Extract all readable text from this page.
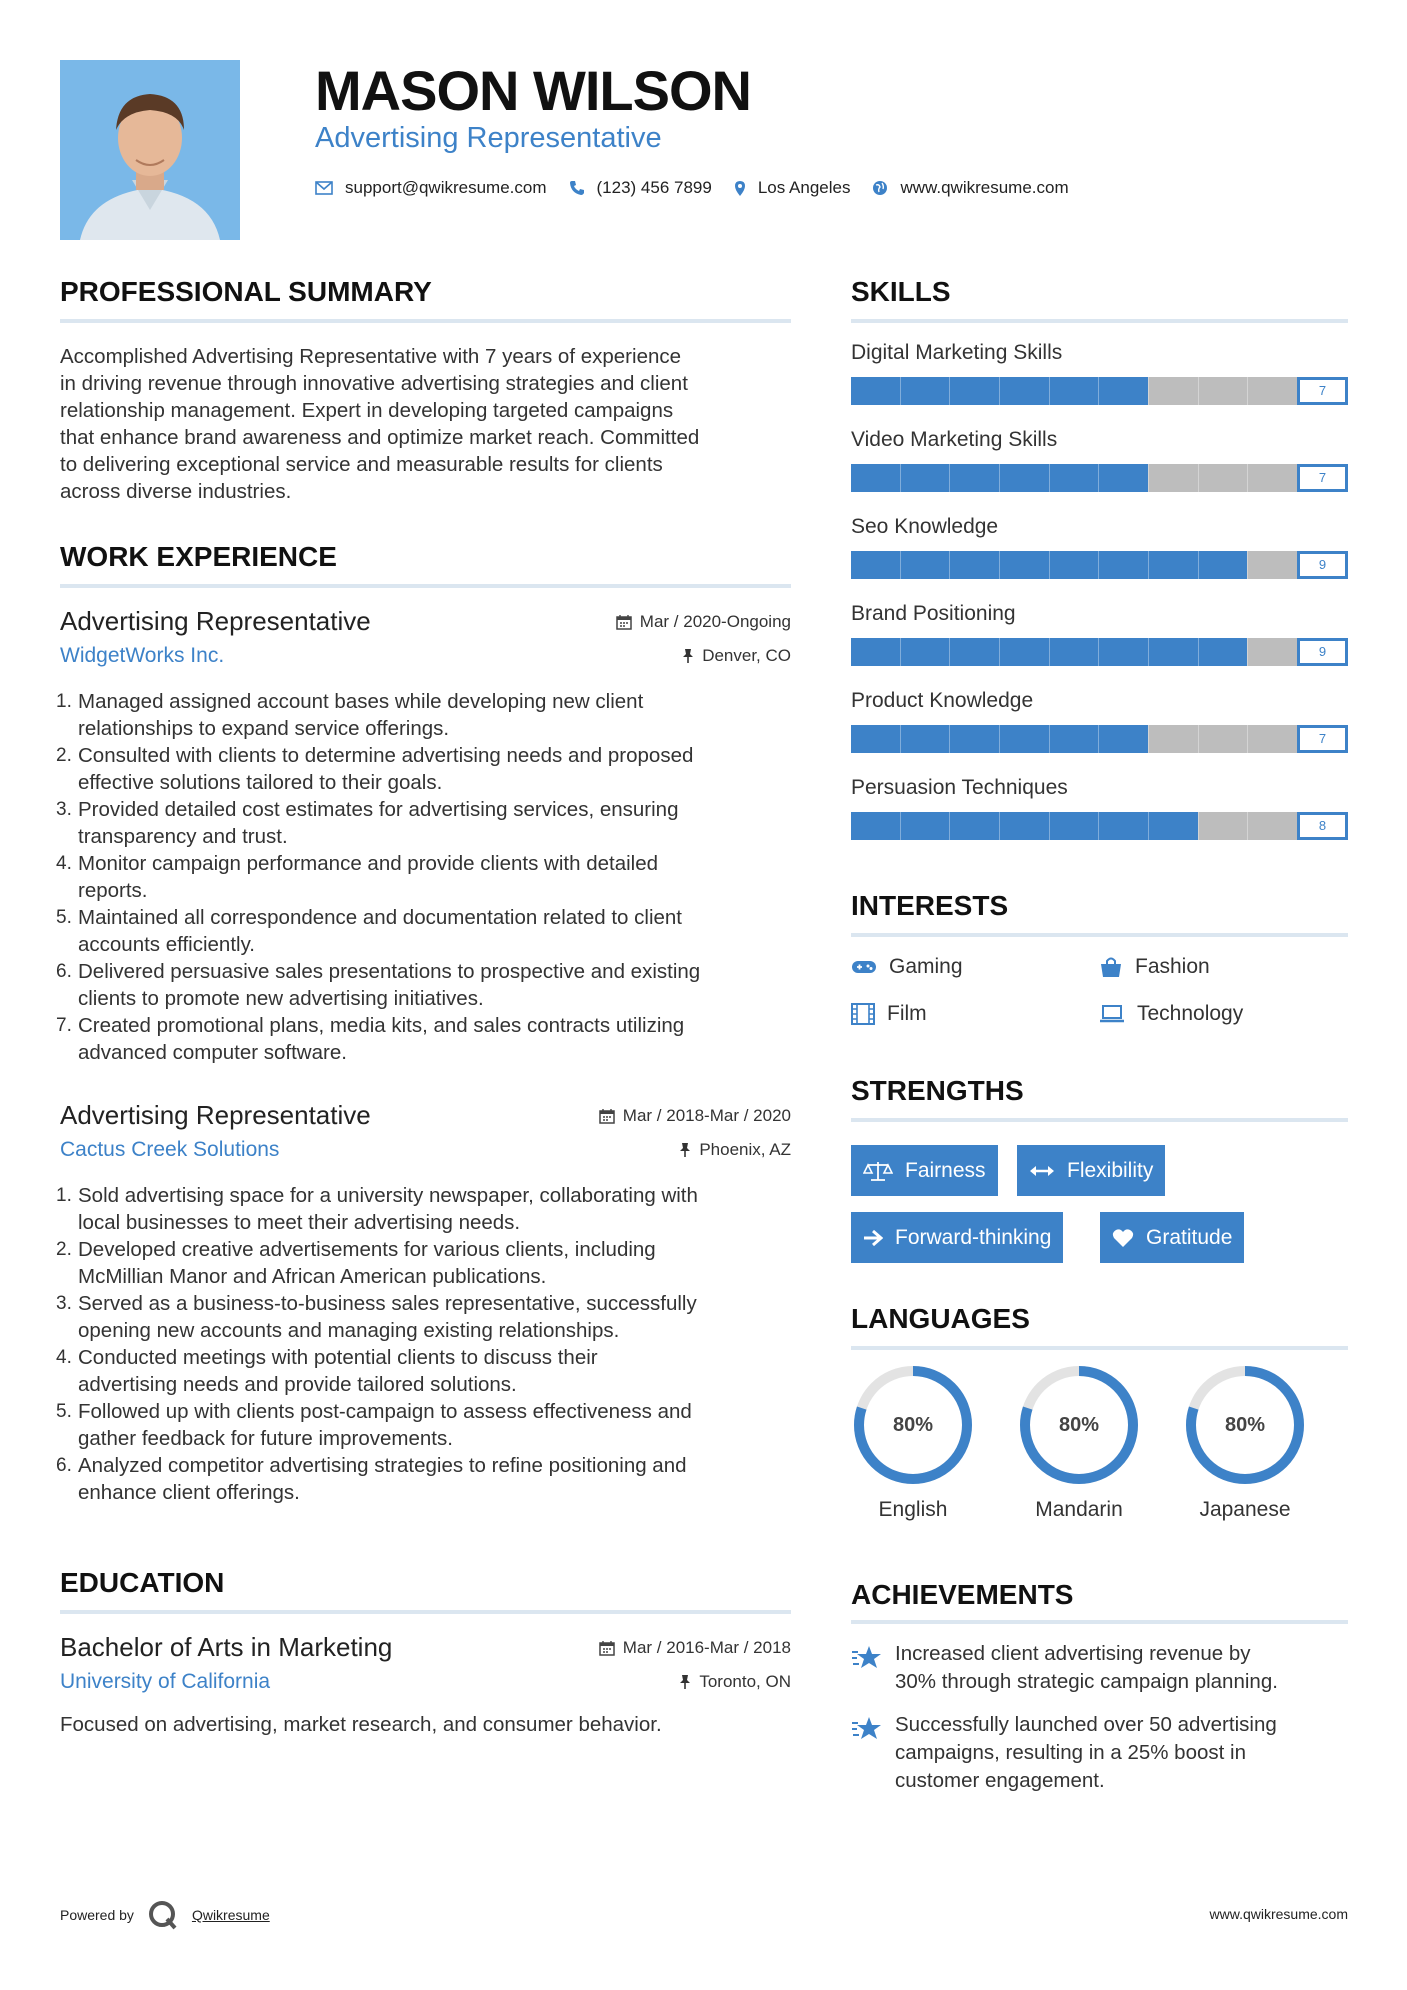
MASON WILSON
Advertising Representative
support@qwikresume.com	(123) 456 7899	Los Angeles	www.qwikresume.com
PROFESSIONAL SUMMARY
Accomplished Advertising Representative with 7 years of experience
in driving revenue through innovative advertising strategies and client
relationship management. Expert in developing targeted campaigns
that enhance brand awareness and optimize market reach. Committed
to delivering exceptional service and measurable results for clients
across diverse industries.
WORK EXPERIENCE
Advertising Representative
WidgetWorks Inc.
Mar / 2020-Ongoing
Denver, CO
1. Managed assigned account bases while developing new client
relationships to expand service offerings.
2. Consulted with clients to determine advertising needs and proposed
effective solutions tailored to their goals.
3. Provided detailed cost estimates for advertising services, ensuring
transparency and trust.
4. Monitor campaign performance and provide clients with detailed
reports.
5. Maintained all correspondence and documentation related to client
accounts efficiently.
6. Delivered persuasive sales presentations to prospective and existing
clients to promote new advertising initiatives.
7. Created promotional plans, media kits, and sales contracts utilizing
advanced computer software.
Advertising Representative
Cactus Creek Solutions
Mar / 2018-Mar / 2020
Phoenix, AZ
1. Sold advertising space for a university newspaper, collaborating with
local businesses to meet their advertising needs.
2. Developed creative advertisements for various clients, including
McMillian Manor and African American publications.
3. Served as a business-to-business sales representative, successfully
opening new accounts and managing existing relationships.
4. Conducted meetings with potential clients to discuss their
advertising needs and provide tailored solutions.
5. Followed up with clients post-campaign to assess effectiveness and
gather feedback for future improvements.
6. Analyzed competitor advertising strategies to refine positioning and
enhance client offerings.
EDUCATION
Bachelor of Arts in Marketing
University of California
Mar / 2016-Mar / 2018
Toronto, ON
Focused on advertising, market research, and consumer behavior.
SKILLS
Digital Marketing Skills
7
Video Marketing Skills
7
Seo Knowledge
9
Brand Positioning
9
Product Knowledge
7
Persuasion Techniques
8
INTERESTS
Gaming	Fashion
Film	Technology
STRENGTHS
Fairness	Flexibility
Forward-thinking	Gratitude
LANGUAGES
80%
English
80%
Mandarin
80%
Japanese
ACHIEVEMENTS
Increased client advertising revenue by
30% through strategic campaign planning.
Successfully launched over 50 advertising
campaigns, resulting in a 25% boost in
customer engagement.
Powered by	Qwikresume	www.qwikresume.com
